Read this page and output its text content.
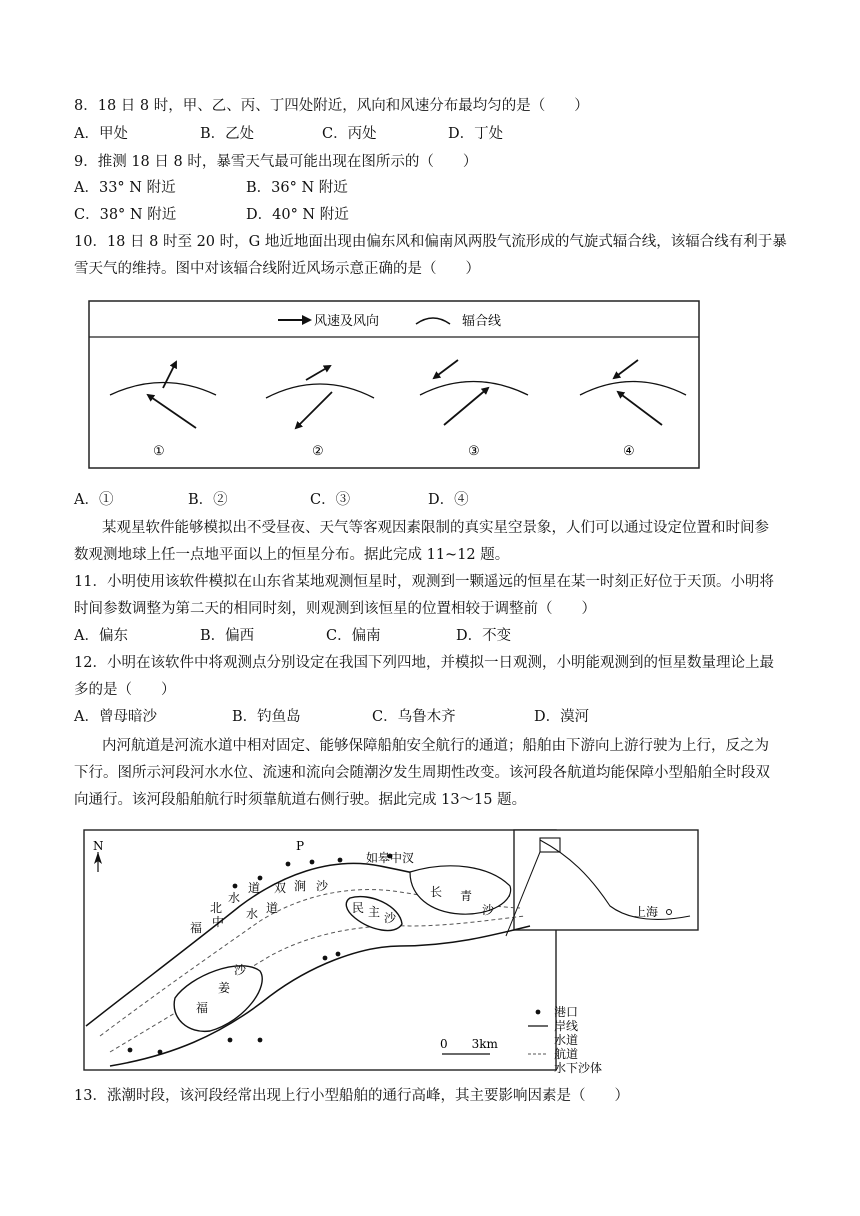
8．18 日 8 时，甲、乙、丙、丁四处附近，风向和风速分布最均匀的是（　　）
A．甲处	B．乙处	C．丙处	D．丁处
9．推测 18 日 8 时，暴雪天气最可能出现在图所示的（　　）
A．33° N 附近	B．36° N 附近
C．38° N 附近	D．40° N 附近
10．18 日 8 时至 20 时，G 地近地面出现由偏东风和偏南风两股气流形成的气旋式辐合线，该辐合线有利于暴
雪天气的维持。图中对该辐合线附近风场示意正确的是（　　）
风速及风向	辐合线
①	②	③	④
A．①	B．②	C．③	D．④
某观星软件能够模拟出不受昼夜、天气等客观因素限制的真实星空景象，人们可以通过设定位置和时间参
数观测地球上任一点地平面以上的恒星分布。据此完成 11~12 题。
11．小明使用该软件模拟在山东省某地观测恒星时，观测到一颗遥远的恒星在某一时刻正好位于天顶。小明将
时间参数调整为第二天的相同时刻，则观测到该恒星的位置相较于调整前（　　）
A．偏东	B．偏西	C．偏南	D．不变
12．小明在该软件中将观测点分别设定在我国下列四地，并模拟一日观测，小明能观测到的恒星数量理论上最
多的是（　　）
A．曾母暗沙	B．钓鱼岛	C．乌鲁木齐	D．漠河
内河航道是河流水道中相对固定、能够保障船舶安全航行的通道；船舶由下游向上游行驶为上行，反之为
下行。图所示河段河水水位、流速和流向会随潮汐发生周期性改变。该河段各航道均能保障小型船舶全时段双
向通行。该河段船舶航行时须靠航道右侧行驶。据此完成 13～15 题。
N	P
如皋中汊
北
水
道 双 涧 沙
民 主 沙
长 青
沙
福 中
水 道
福
姜
沙
上海
0　　3km
港口
岸线
水道
航道
水下沙体
13．涨潮时段，该河段经常出现上行小型船舶的通行高峰，其主要影响因素是（　　）
